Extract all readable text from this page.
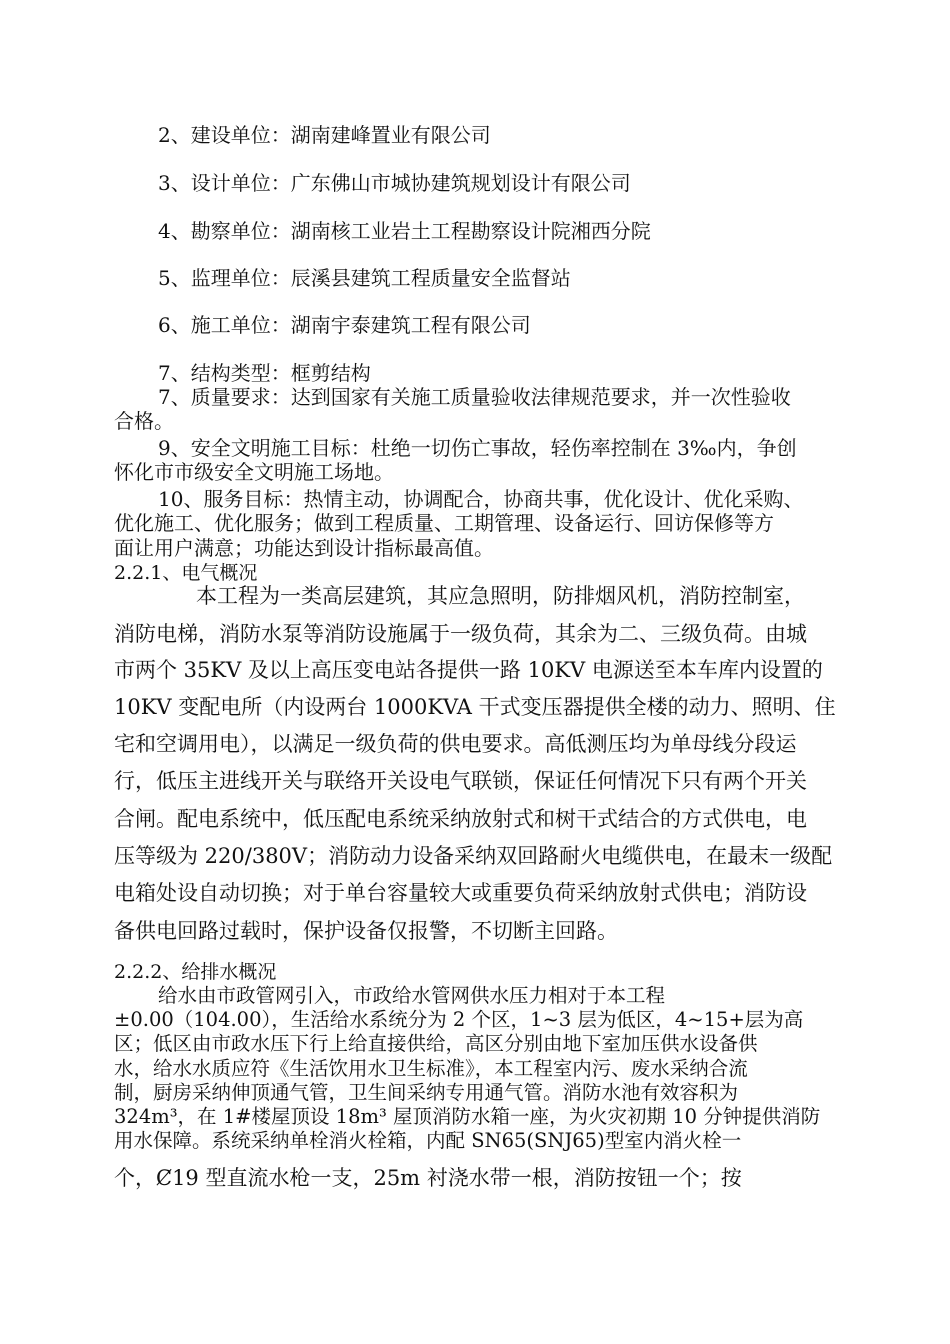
2、建设单位：湖南建峰置业有限公司
3、设计单位：广东佛山市城协建筑规划设计有限公司
4、勘察单位：湖南核工业岩土工程勘察设计院湘西分院
5、监理单位：辰溪县建筑工程质量安全监督站
6、施工单位：湖南宇泰建筑工程有限公司
7、结构类型：框剪结构
7、质量要求：达到国家有关施工质量验收法律规范要求，并一次性验收
合格。
9、安全文明施工目标：杜绝一切伤亡事故，轻伤率控制在 3‰内，争创
怀化市市级安全文明施工场地。
10、服务目标：热情主动，协调配合，协商共事，优化设计、优化采购、
优化施工、优化服务；做到工程质量、工期管理、设备运行、回访保修等方
面让用户满意；功能达到设计指标最高值。
2.2.1、电气概况
本工程为一类高层建筑，其应急照明，防排烟风机，消防控制室，
消防电梯，消防水泵等消防设施属于一级负荷，其余为二、三级负荷。由城
市两个 35KV 及以上高压变电站各提供一路 10KV 电源送至本车库内设置的
10KV 变配电所（内设两台 1000KVA 干式变压器提供全楼的动力、照明、住
宅和空调用电），以满足一级负荷的供电要求。高低测压均为单母线分段运
行，低压主进线开关与联络开关设电气联锁，保证任何情况下只有两个开关
合闸。配电系统中，低压配电系统采纳放射式和树干式结合的方式供电，电
压等级为 220/380V；消防动力设备采纳双回路耐火电缆供电，在最末一级配
电箱处设自动切换；对于单台容量较大或重要负荷采纳放射式供电；消防设
备供电回路过载时，保护设备仅报警，不切断主回路。
2.2.2、给排水概况
给水由市政管网引入，市政给水管网供水压力相对于本工程
±0.00（104.00），生活给水系统分为 2 个区，1~3 层为低区，4~15+层为高
区；低区由市政水压下行上给直接供给，高区分别由地下室加压供水设备供
水，给水水质应符《生活饮用水卫生标准》，本工程室内污、废水采纳合流
制，厨房采纳伸顶通气管，卫生间采纳专用通气管。消防水池有效容积为
324m³，在 1#楼屋顶设 18m³ 屋顶消防水箱一座，为火灾初期 10 分钟提供消防
用水保障。系统采纳单栓消火栓箱，内配 SN65(SNJ65)型室内消火栓一
个，Ȼ19 型直流水枪一支，25m 衬浇水带一根，消防按钮一个；按
